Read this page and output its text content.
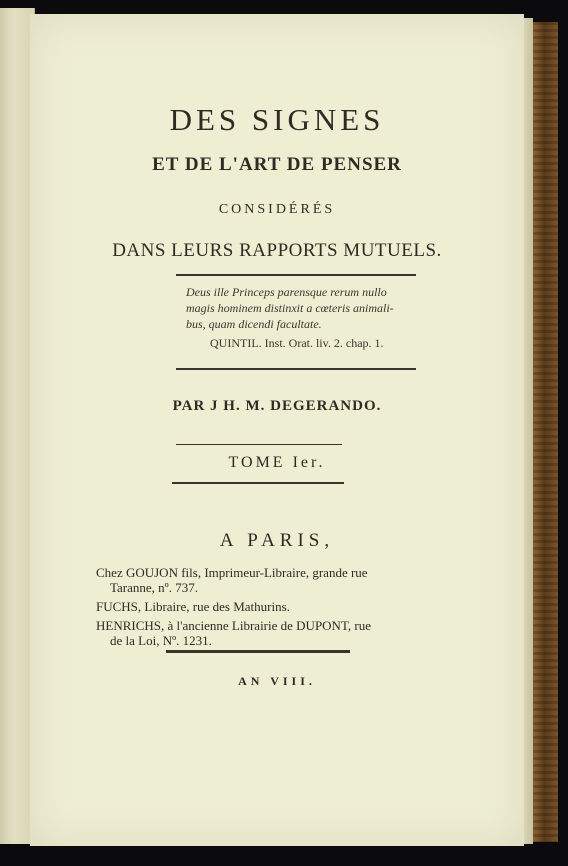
DES SIGNES
ET DE L'ART DE PENSER
CONSIDÉRÉS
DANS LEURS RAPPORTS MUTUELS.
Deus ille Princeps parensque rerum nullo
magis hominem distinxit a cœteris animali-
bus, quam dicendi facultate.
QUINTIL. Inst. Orat. liv. 2. chap. 1.
PAR J H. M. DEGERANDO.
TOME Ier.
A PARIS,

Chez GOUJON fils, Imprimeur-Libraire, grande rue
Taranne, nº. 737.

FUCHS, Libraire, rue des Mathurins.

HENRICHS, à l'ancienne Librairie de DUPONT, rue
de la Loi, Nº. 1231.

AN VIII.
